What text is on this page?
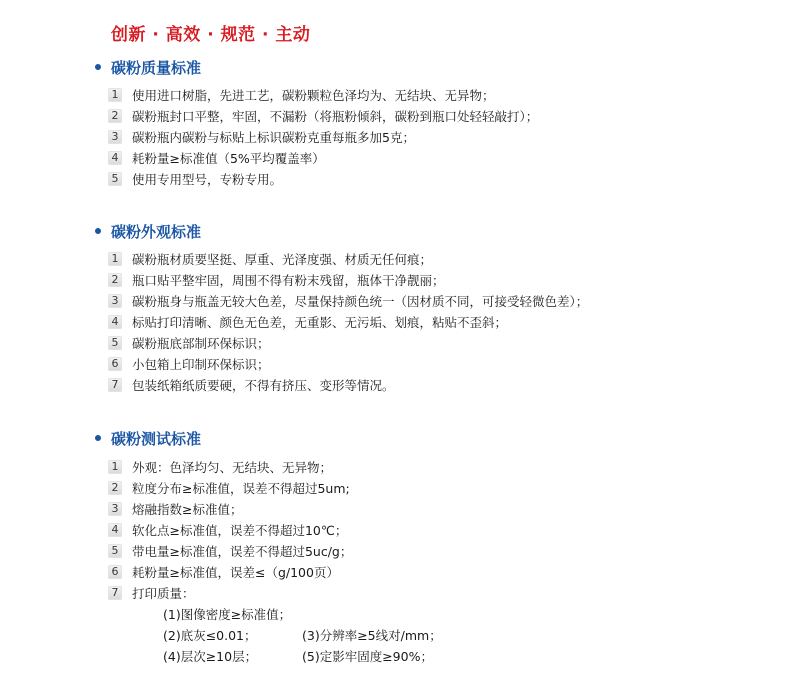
创新 · 高效 · 规范 · 主动
碳粉质量标准
1 使用进口树脂，先进工艺，碳粉颗粒色泽均为、无结块、无异物；
2 碳粉瓶封口平整，牢固，不漏粉（将瓶粉倾斜，碳粉到瓶口处轻轻敲打）；
3 碳粉瓶内碳粉与标贴上标识碳粉克重每瓶多加5克；
4 耗粉量≥标准值（5%平均覆盖率）
5 使用专用型号，专粉专用。
碳粉外观标准
1 碳粉瓶材质要坚挺、厚重、光泽度强、材质无任何痕；
2 瓶口贴平整牢固，周围不得有粉末残留，瓶体干净靓丽；
3 碳粉瓶身与瓶盖无较大色差，尽量保持颜色统一（因材质不同，可接受轻微色差）；
4 标贴打印清晰、颜色无色差，无重影、无污垢、划痕，粘贴不歪斜；
5 碳粉瓶底部制环保标识；
6 小包箱上印制环保标识；
7 包装纸箱纸质要硬，不得有挤压、变形等情况。
碳粉测试标准
1 外观：色泽均匀、无结块、无异物；
2 粒度分布≥标准值，误差不得超过5um;
3 熔融指数≥标准值；
4 软化点≥标准值，误差不得超过10℃；
5 带电量≥标准值，误差不得超过5uc/g；
6 耗粉量≥标准值，误差≤（g/100页）
7 打印质量：
(1)图像密度≥标准值；
(2)底灰≤0.01；	(3)分辨率≥5线对/mm；
(4)层次≥10层；	(5)定影牢固度≥90%；
